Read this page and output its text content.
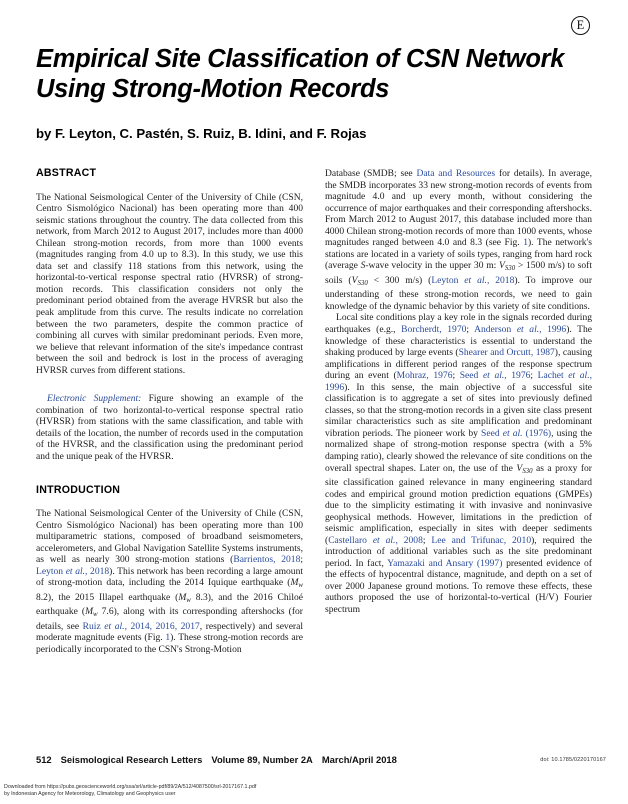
E
Empirical Site Classification of CSN Network
Using Strong-Motion Records
by F. Leyton, C. Pastén, S. Ruiz, B. Idini, and F. Rojas
ABSTRACT

The National Seismological Center of the University of Chile (CSN, Centro Sismológico Nacional) has been operating more than 400 seismic stations throughout the country. The data collected from this network, from March 2012 to August 2017, includes more than 4000 Chilean strong-motion records, from more than 1000 events (magnitudes ranging from 4.0 up to 8.3). In this study, we use this data set and classify 118 stations from this network, using the horizontal-to-vertical response spectral ratio (HVRSR) of strong-motion records. This classification considers not only the predominant period obtained from the average HVRSR but also the peak amplitude from this curve. The results indicate no correlation between the two parameters, despite the common practice of combining all curves with similar predominant periods. Even more, we believe that relevant information of the site's impedance contrast between the soil and bedrock is lost in the process of averaging HVRSR curves from different stations.

Electronic Supplement: Figure showing an example of the combination of two horizontal-to-vertical response spectral ratio (HVRSR) from stations with the same classification, and table with details of the location, the number of records used in the computation of the HVRSR, and the classification using the predominant period and the unique peak of the HVRSR.

INTRODUCTION

The National Seismological Center of the University of Chile (CSN, Centro Sismológico Nacional) has been operating more than 100 multiparametric stations, composed of broadband seismometers, accelerometers, and Global Navigation Satellite Systems instruments, as well as nearly 300 strong-motion stations (Barrientos, 2018; Leyton et al., 2018). This network has been recording a large amount of strong-motion data, including the 2014 Iquique earthquake ($M_w$ 8.2), the 2015 Illapel earthquake ($M_w$ 8.3), and the 2016 Chiloé earthquake ($M_w$ 7.6), along with its corresponding aftershocks (for details, see Ruiz et al., 2014, 2016, 2017, respectively) and several moderate magnitude events (Fig. 1). These strong-motion records are periodically incorporated to the CSN's Strong-Motion

Database (SMDB; see Data and Resources for details). In average, the SMDB incorporates 33 new strong-motion records of events from magnitude 4.0 and up every month, without considering the occurrence of major earthquakes and their corresponding aftershocks. From March 2012 to August 2017, this database included more than 4000 Chilean strong-motion records of more than 1000 events, whose magnitudes ranged between 4.0 and 8.3 (see Fig. 1). The network's stations are located in a variety of soils types, ranging from hard rock (average S-wave velocity in the upper 30 m: $V_{S30} > 1500$ m/s) to soft soils ($V_{S30} < 300$ m/s) (Leyton et al., 2018). To improve our understanding of these strong-motion records, we need to gain knowledge of the dynamic behavior by this variety of site conditions.

Local site conditions play a key role in the signals recorded during earthquakes (e.g., Borcherdt, 1970; Anderson et al., 1996). The knowledge of these characteristics is essential to understand the shaking produced by large events (Shearer and Orcutt, 1987), causing amplifications in different period ranges of the response spectrum during an event (Mohraz, 1976; Seed et al., 1976; Lachet et al., 1996). In this sense, the main objective of a successful site classification is to aggregate a set of sites into previously defined classes, so that the strong-motion records in a given site class present similar characteristics such as site amplification and predominant vibration periods. The pioneer work by Seed et al. (1976), using the normalized shape of strong-motion response spectra (with a 5% damping ratio), clearly showed the relevance of site conditions on the overall spectral shapes. Later on, the use of the $V_{S30}$ as a proxy for site classification gained relevance in many engineering standard codes and empirical ground motion prediction equations (GMPEs) due to the simplicity estimating it with invasive and noninvasive geophysical methods. However, limitations in the prediction of seismic amplification, especially in sites with deeper sediments (Castellaro et al., 2008; Lee and Trifunac, 2010), required the introduction of additional variables such as the site predominant period. In fact, Yamazaki and Ansary (1997) presented evidence of the effects of hypocentral distance, magnitude, and depth on a set of over 2000 Japanese ground motions. To remove these effects, these authors proposed the use of horizontal-to-vertical (H/V) Fourier spectrum

512 Seismological Research Letters Volume 89, Number 2A March/April 2018	doi: 10.1785/0220170167
Downloaded from https://pubs.geoscienceworld.org/ssa/srl/article-pdf/89/2A/512/4087500/srl-2017167.1.pdf
by Indonesian Agency for Meteorology, Climatology and Geophysics user
